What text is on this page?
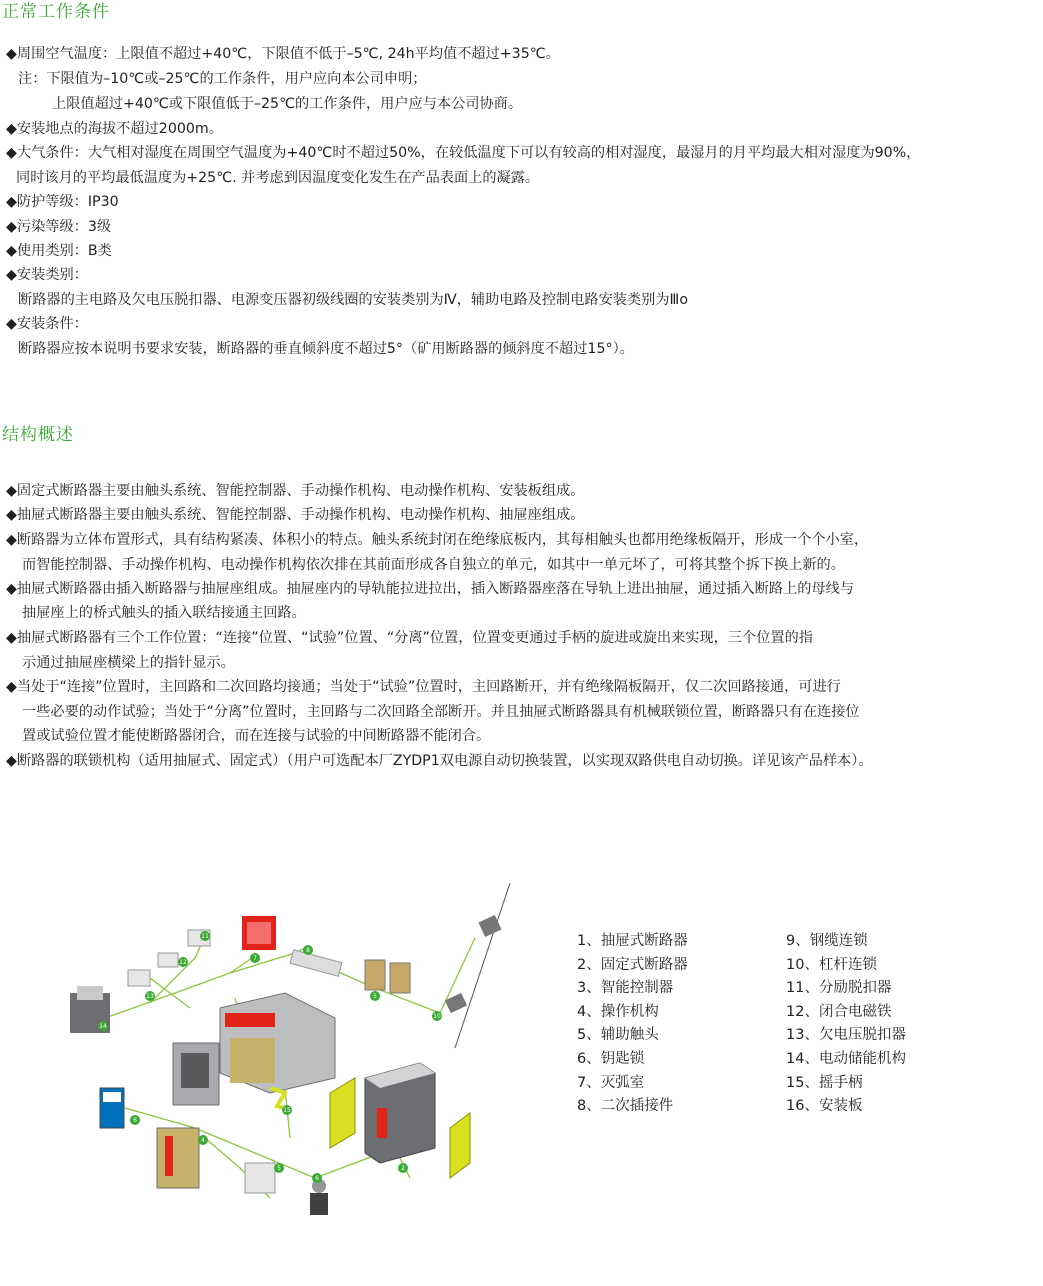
正常工作条件
◆周围空气温度：上限值不超过+40℃，下限值不低于–5℃, 24h平均值不超过+35℃。
注：下限值为–10℃或–25℃的工作条件，用户应向本公司申明；
上限值超过+40℃或下限值低于–25℃的工作条件，用户应与本公司协商。
◆安装地点的海拔不超过2000m。
◆大气条件：大气相对湿度在周围空气温度为+40℃时不超过50%，在较低温度下可以有较高的相对湿度，最湿月的月平均最大相对湿度为90%，
同时该月的平均最低温度为+25℃. 并考虑到因温度变化发生在产品表面上的凝露。
◆防护等级：IP30
◆污染等级：3级
◆使用类别：B类
◆安装类别：
断路器的主电路及欠电压脱扣器、电源变压器初级线圈的安装类别为Ⅳ，辅助电路及控制电路安装类别为Ⅲo
◆安装条件：
断路器应按本说明书要求安装，断路器的垂直倾斜度不超过5°（矿用断路器的倾斜度不超过15°）。
结构概述
◆固定式断路器主要由触头系统、智能控制器、手动操作机构、电动操作机构、安装板组成。
◆抽屉式断路器主要由触头系统、智能控制器、手动操作机构、电动操作机构、抽屉座组成。
◆断路器为立体布置形式，具有结构紧凑、体积小的特点。触头系统封闭在绝缘底板内，其每相触头也都用绝缘板隔开，形成一个个小室，
而智能控制器、手动操作机构、电动操作机构依次排在其前面形成各自独立的单元，如其中一单元坏了，可将其整个拆下换上新的。
◆抽屉式断路器由插入断路器与抽屉座组成。抽屉座内的导轨能拉进拉出，插入断路器座落在导轨上进出抽屉，通过插入断路上的母线与
抽屉座上的桥式触头的插入联结接通主回路。
◆抽屉式断路器有三个工作位置：“连接”位置、“试验”位置、“分离”位置，位置变更通过手柄的旋进或旋出来实现，三个位置的指
示通过抽屉座横梁上的指针显示。
◆当处于“连接”位置时，主回路和二次回路均接通；当处于“试验”位置时，主回路断开，并有绝缘隔板隔开，仅二次回路接通，可进行
一些必要的动作试验；当处于“分离”位置时，主回路与二次回路全部断开。并且抽屉式断路器具有机械联锁位置，断路器只有在连接位
置或试验位置才能使断路器闭合，而在连接与试验的中间断路器不能闭合。
◆断路器的联锁机构（适用抽屉式、固定式）（用户可选配本厂ZYDP1双电源自动切换装置，以实现双路供电自动切换。详见该产品样本）。
11
12
13
7
8
5
10
14
15
6
4
5	2
6
1、抽屉式断路器
2、固定式断路器
3、智能控制器
4、操作机构
5、辅助触头
6、钥匙锁
7、灭弧室
8、二次插接件
9、钢缆连锁
10、杠杆连锁
11、分励脱扣器
12、闭合电磁铁
13、欠电压脱扣器
14、电动储能机构
15、摇手柄
16、安装板
